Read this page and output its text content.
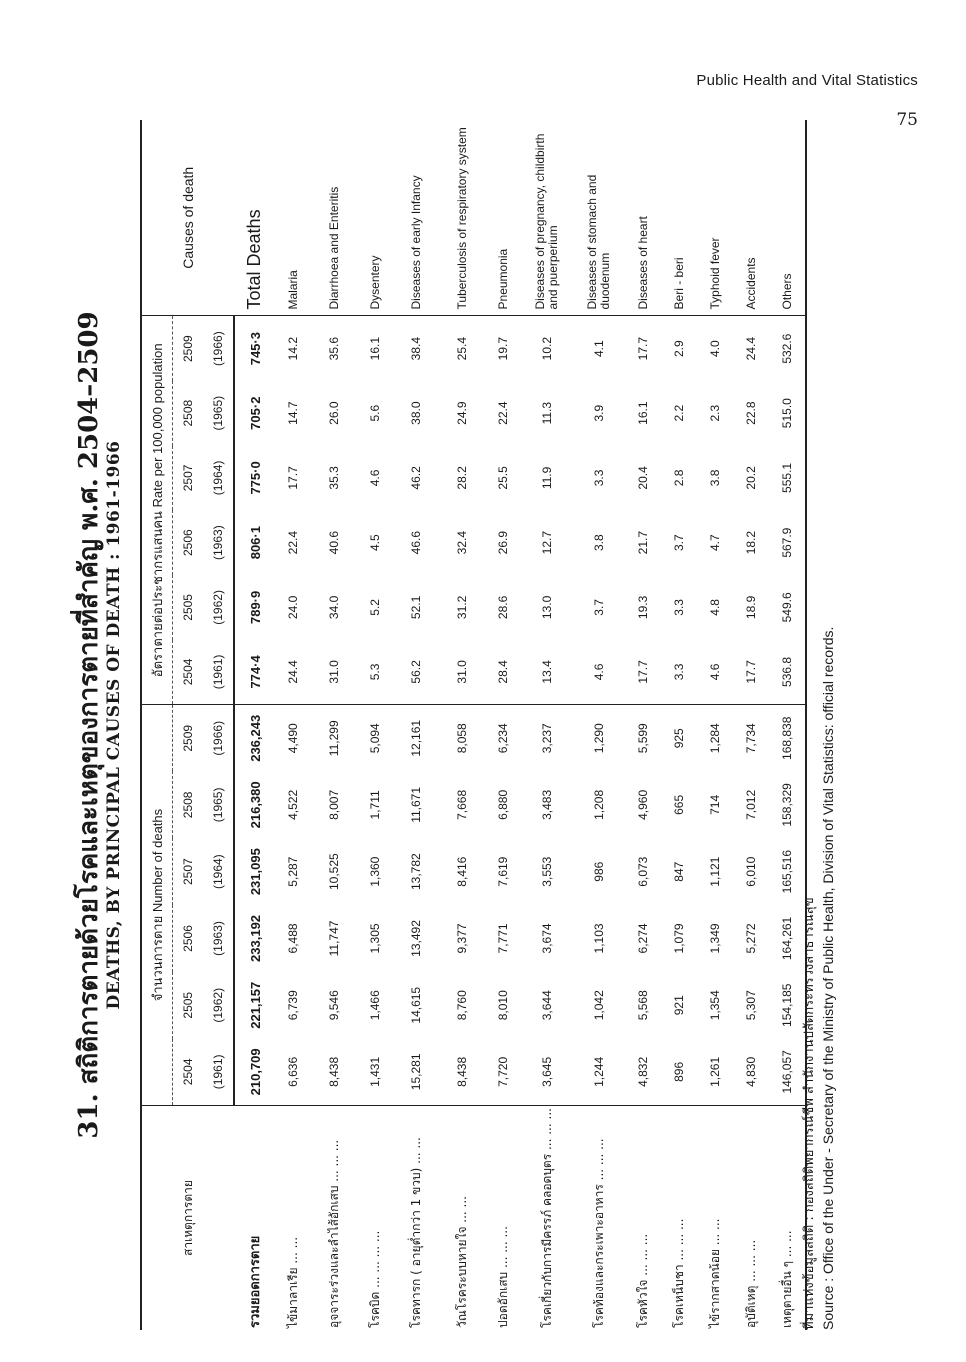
Public Health and Vital Statistics
75
31. สถิติการตายด้วยโรคและเหตุของการตายที่สำคัญ พ.ศ. 2504–2509 DEATHS, BY PRINCIPAL CAUSES OF DEATH : 1961-1966
สาเหตุการตาย	จำนวนการตาย Number of deaths						อัตราตายต่อประชากรแสนคน Rate per 100,000 population						Causes of death
	2504	2505	2506	2507	2508	2509	2504	2505	2506	2507	2508	2509	
	(1961)	(1962)	(1963)	(1964)	(1965)	(1966)	(1961)	(1962)	(1963)	(1964)	(1965)	(1966)	
รวมยอดการตาย	210,709	221,157	233,192	231,095	216,380	236,243	774·4	789·9	806·1	775·0	705·2	745·3	Total Deaths
ไข้มาลาเรีย ... ...	6,636	6,739	6,488	5,287	4,522	4,490	24.4	24.0	22.4	17.7	14.7	14.2	Malaria
อุจจาระร่วงและลำไส้อักเสบ ... ... ...	8,438	9,546	11,747	10,525	8,007	11,299	31.0	34.0	40.6	35.3	26.0	35.6	Diarrhoea and Enteritis
โรคบิด ... ... ... ...	1,431	1,466	1,305	1,360	1,711	5,094	5.3	5.2	4.5	4.6	5.6	16.1	Dysentery
โรคทารก ( อายุต่ำกว่า 1 ขวบ) ... ...	15,281	14,615	13,492	13,782	11,671	12,161	56.2	52.1	46.6	46.2	38.0	38.4	Diseases of early Infancy
วัณโรคระบบหายใจ ... ...	8,438	8,760	9,377	8,416	7,668	8,058	31.0	31.2	32.4	28.2	24.9	25.4	Tuberculosis of respiratory system
ปอดอักเสบ ... ... ...	7,720	8,010	7,771	7,619	6,880	6,234	28.4	28.6	26.9	25.5	22.4	19.7	Pneumonia
โรคเกี่ยวกับการมีครรภ์ คลอดบุตร ... ... ...	3,645	3,644	3,674	3,553	3,483	3,237	13.4	13.0	12.7	11.9	11.3	10.2	Diseases of pregnancy, childbirth and puerperium
โรคท้องและกระเพาะอาหาร ... ... ...	1,244	1,042	1,103	986	1,208	1,290	4.6	3.7	3.8	3.3	3.9	4.1	Diseases of stomach and duodenum
โรคหัวใจ ... ... ...	4,832	5,568	6,274	6,073	4,960	5,599	17.7	19.3	21.7	20.4	16.1	17.7	Diseases of heart
โรคเหน็บชา ... ... ...	896	921	1,079	847	665	925	3.3	3.3	3.7	2.8	2.2	2.9	Beri - beri
ไข้รากสาดน้อย ... ...	1,261	1,354	1,349	1,121	714	1,284	4.6	4.8	4.7	3.8	2.3	4.0	Typhoid fever
อุบัติเหตุ ... ... ...	4,830	5,307	5,272	6,010	7,012	7,734	17.7	18.9	18.2	20.2	22.8	24.4	Accidents
เหตุตายอื่น ๆ ... ...	146,057	154,185	164,261	165,516	158,329	168,838	536.8	549.6	567.9	555.1	515.0	532.6	Others
ที่มาแห่งข้อมูลสถิติ : กองสถิติพยากรณ์ชีพ สำนักงานปลัดกระทรวงสาธารณสุข Source : Office of the Under - Secretary of the Ministry of Public Health, Division of Vital Statistics: official records.
